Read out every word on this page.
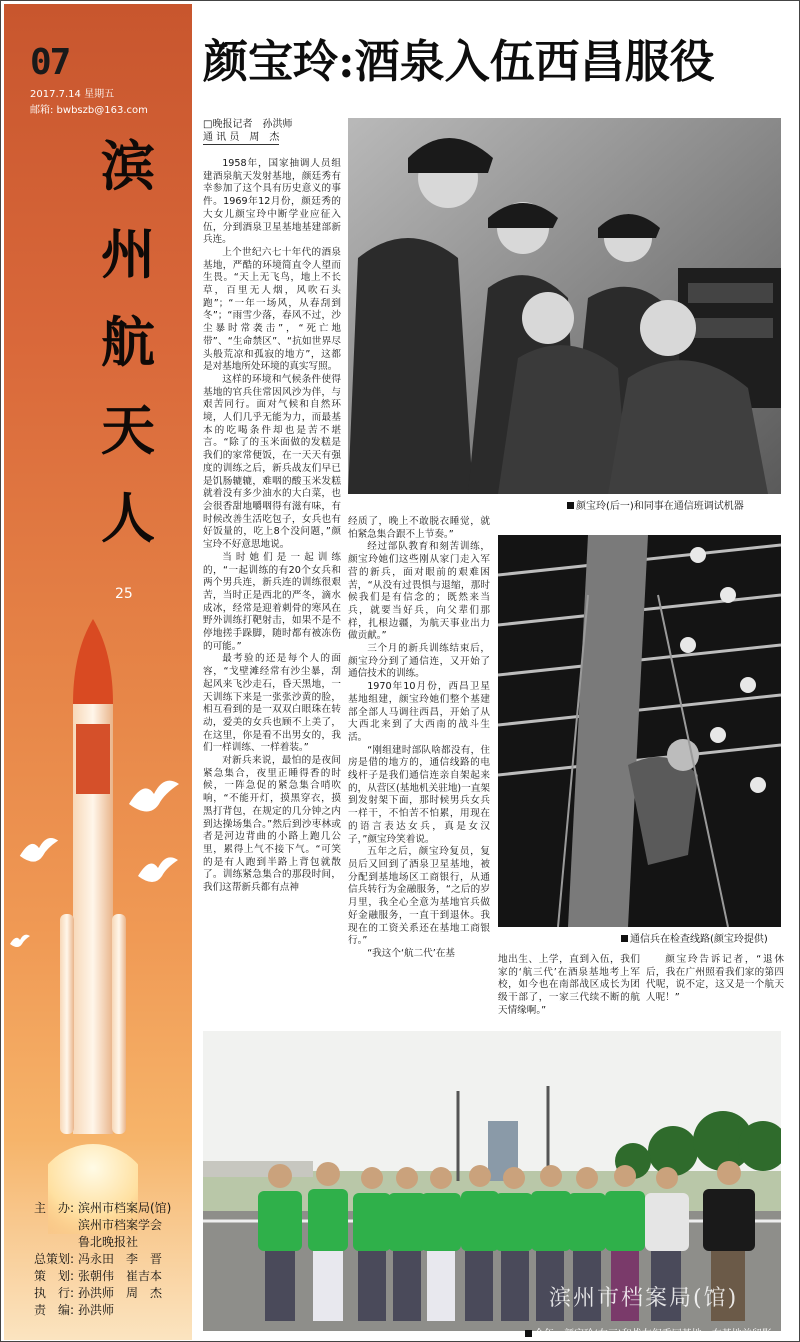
07
2017.7.14 星期五
邮箱: bwbszb@163.com
滨
州
航
天
人
25
主　办: 滨州市档案局(馆)
滨州市档案学会
鲁北晚报社
总策划: 冯永田　李　晋
策　划: 张朝伟　崔吉本
执　行: 孙洪师　周　杰
责　编: 孙洪师
颜宝玲:酒泉入伍西昌服役
□晚报记者　孙洪师
通 讯 员　周　杰
颜宝玲(后一)和同事在通信班调试机器
通信兵在检查线路(颜宝玲提供)
滨州市档案局(馆)
今年，颜宝玲(左三)和战友们重回基地，在基地前留影

1958年，国家抽调人员组建酒泉航天发射基地，颜廷秀有幸参加了这个具有历史意义的事件。1969年12月份，颜廷秀的大女儿颜宝玲中断学业应征入伍，分到酒泉卫星基地基建部新兵连。

上个世纪六七十年代的酒泉基地，严酷的环境简直令人望而生畏。“天上无飞鸟，地上不长草，百里无人烟，风吹石头跑”；“一年一场风，从春刮到冬”；“雨雪少落，春风不过，沙尘暴时常袭击”，“死亡地带”、“生命禁区”、“抗如世界尽头般荒凉和孤寂的地方”，这都是对基地所处环境的真实写照。

这样的环境和气候条件使得基地的官兵住常因风沙为伴，与艰苦同行。面对气候和自然环境，人们几乎无能为力，而最基本的吃喝条件却也是苦不堪言。“除了的玉米面做的发糕是我们的家常便饭，在一天天有强度的训练之后，新兵战友们早已是饥肠辘辘，难咽的酸玉米发糕就着没有多少油水的大白菜，也会很香甜地嚼咽得有滋有味，有时候改善生活吃包子，女兵也有好饭量的，吃上8个没问题，”颜宝玲不好意思地说。

当时她们是一起训练的，“一起训练的有20个女兵和两个男兵连，新兵连的训练很艰苦，当时正是西北的严冬，滴水成冰，经常是迎着刺骨的寒风在野外训练打靶射击，如果不是不停地搓手跺脚，随时都有被冻伤的可能。”

最考验的还是每个人的面容，“戈壁滩经常有沙尘暴，刮起风来飞沙走石，昏天黑地，一天训练下来是一张张沙黄的脸，相互看到的是一双双白眼珠在转动，爱美的女兵也顾不上美了，在这里，你是看不出男女的，我们一样训练、一样着装。”

对新兵来说，最怕的是夜间紧急集合，夜里正睡得香的时候，一阵急促的紧急集合哨吹响，“不能开灯，摸黑穿衣，摸黑打背包，在规定的几分钟之内到达操场集合。”然后到沙枣林或者是河边背曲的小路上跑几公里，累得上气不接下气。“可笑的是有人跑到半路上背包就散了。训练紧急集合的那段时间，我们这帮新兵都有点神

经质了，晚上不敢脱衣睡觉，就怕紧急集合跟不上节奏。”

经过部队教育和刻苦训练，颜宝玲她们这些刚从家门走入军营的新兵，面对眼前的艰难困苦，“从没有过畏惧与退缩，那时候我们是有信念的；既然来当兵，就要当好兵，向父辈们那样，扎根边疆，为航天事业出力做贡献。”

三个月的新兵训练结束后，颜宝玲分到了通信连，又开始了通信技术的训练。

1970年10月份，西昌卫星基地组建，颜宝玲她们整个基建部全部人马调往西昌，开始了从大西北来到了大西南的战斗生活。

“刚组建时部队啥都没有，住房是借的地方的，通信线路的电线杆子是我们通信连亲自架起来的，从营区(基地机关驻地)一直架到发射架下面，那时候男兵女兵一样干，不怕苦不怕累，用现在的语言表达女兵，真是女汉子，”颜宝玲笑着说。

五年之后，颜宝玲复员，复员后又回到了酒泉卫星基地，被分配到基地场区工商银行，从通信兵转行为金融服务，“之后的岁月里，我全心全意为基地官兵做好金融服务，一直干到退休。我现在的工资关系还在基地工商银行。”

“我这个‘航二代’在基

地出生、上学，直到入伍，我们家的‘航三代’在酒泉基地考上军校，如今也在南部战区成长为团级干部了，一家三代续不断的航天情缘啊。”

颜宝玲告诉记者，“退休后，我在广州照看我们家的第四代呢，说不定，这又是一个航天人呢！”
